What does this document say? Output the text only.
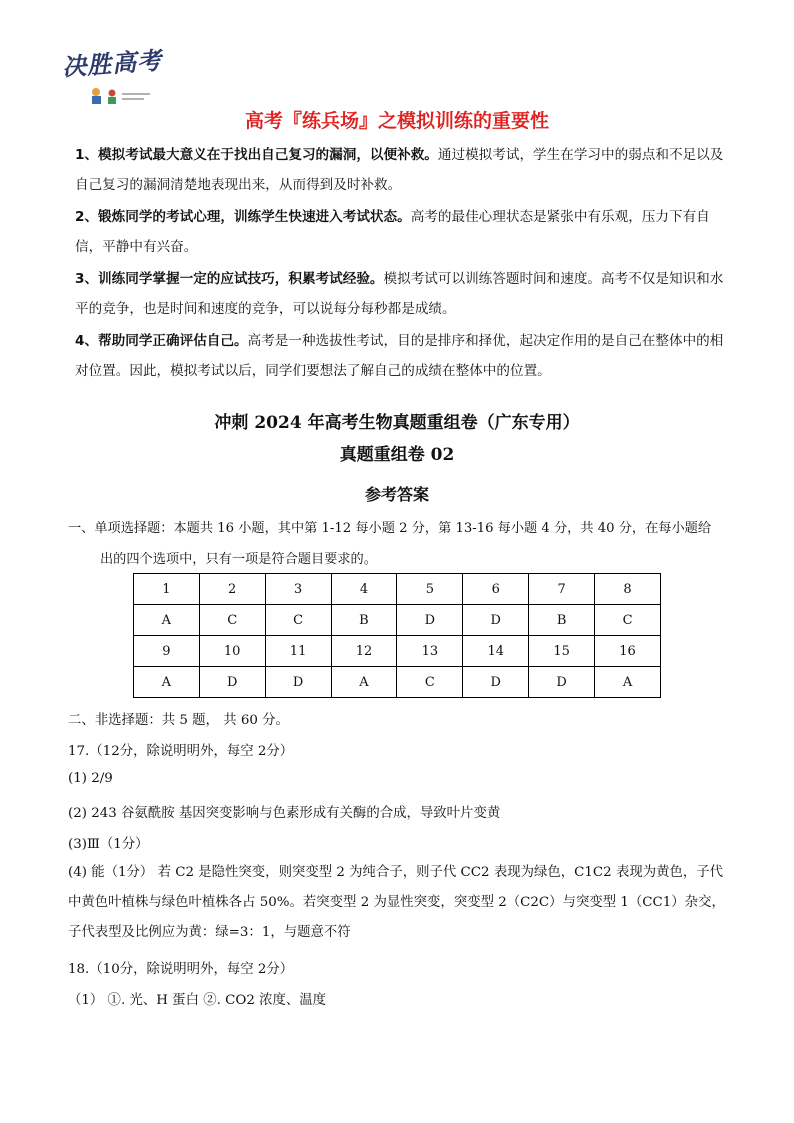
决胜高考
高考『练兵场』之模拟训练的重要性
1、模拟考试最大意义在于找出自己复习的漏洞，以便补救。通过模拟考试，学生在学习中的弱点和不足以及自己复习的漏洞清楚地表现出来，从而得到及时补救。
2、锻炼同学的考试心理，训练学生快速进入考试状态。高考的最佳心理状态是紧张中有乐观，压力下有自信，平静中有兴奋。
3、训练同学掌握一定的应试技巧，积累考试经验。模拟考试可以训练答题时间和速度。高考不仅是知识和水平的竞争，也是时间和速度的竞争，可以说每分每秒都是成绩。
4、帮助同学正确评估自己。高考是一种选拔性考试，目的是排序和择优，起决定作用的是自己在整体中的相对位置。因此，模拟考试以后，同学们要想法了解自己的成绩在整体中的位置。
冲刺 2024 年高考生物真题重组卷（广东专用）
真题重组卷 02
参考答案
一、单项选择题：本题共 16 小题，其中第 1-12 每小题 2 分，第 13-16 每小题 4 分，共 40 分，在每小题给
出的四个选项中，只有一项是符合题目要求的。
1	2	3	4	5	6	7	8
A	C	C	B	D	D	B	C
9	10	11	12	13	14	15	16
A	D	D	A	C	D	D	A
二、非选择题：共 5 题， 共 60 分。
17.（12分，除说明明外，每空 2分）
(1) 2/9
(2) 243 谷氨酰胺 基因突变影响与色素形成有关酶的合成，导致叶片变黄
(3)Ⅲ（1分）
(4) 能（1分） 若 C2 是隐性突变，则突变型 2 为纯合子，则子代 CC2 表现为绿色，C1C2 表现为黄色，子代中黄色叶植株与绿色叶植株各占 50%。若突变型 2 为显性突变，突变型 2（C2C）与突变型 1（CC1）杂交，子代表型及比例应为黄：绿=3：1，与题意不符
18.（10分，除说明明外，每空 2分）
（1） ①. 光、H 蛋白 ②. CO2 浓度、温度
